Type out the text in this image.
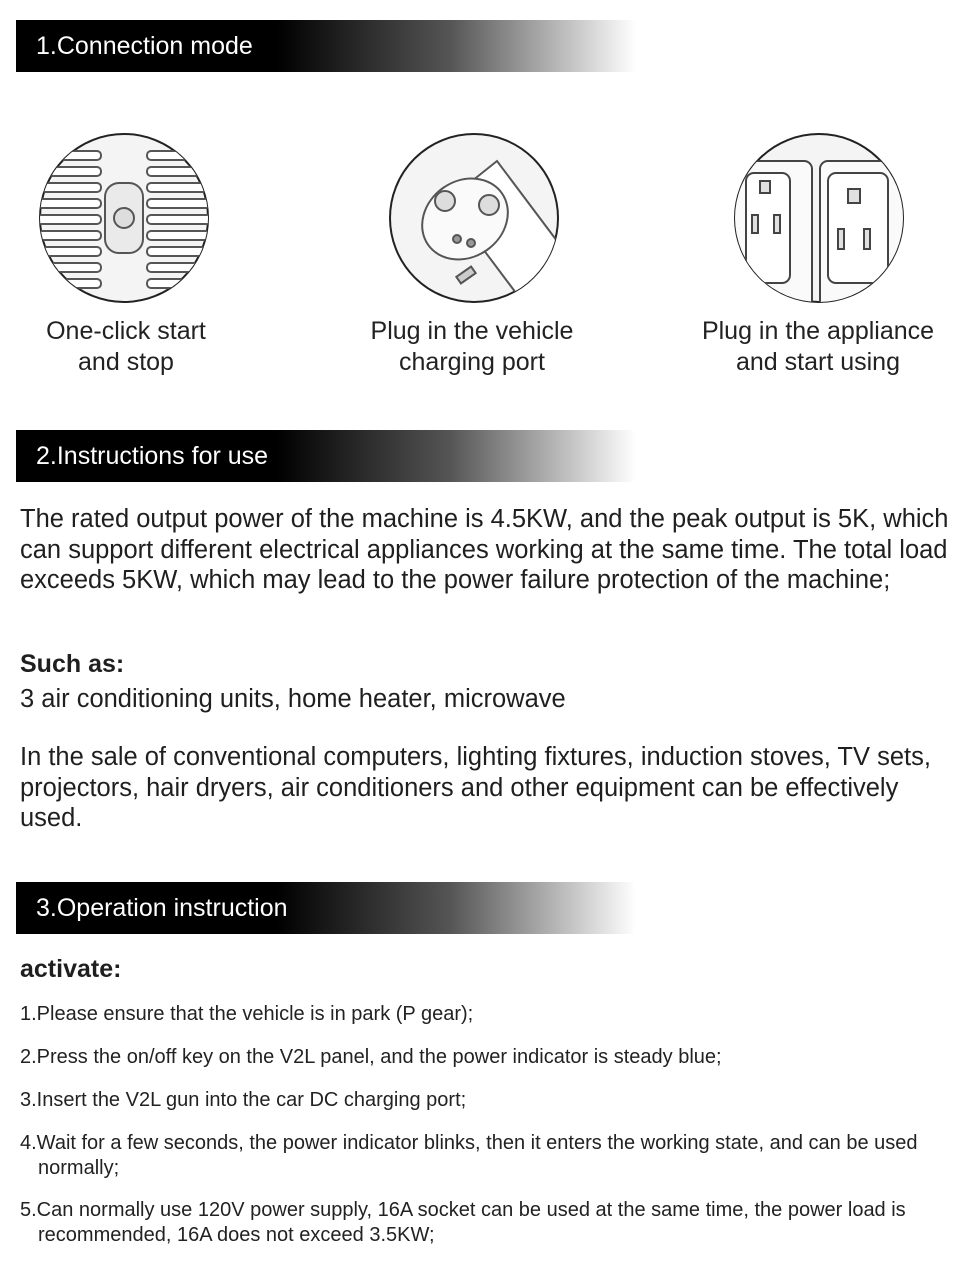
1.Connection mode
One-click start
and stop
Plug in the vehicle
charging port
Plug in the appliance
and start using
2.Instructions for use

The rated output power of the machine is 4.5KW, and the peak output is 5K, which can support different electrical appliances working at the same time. The total load exceeds 5KW, which may lead to the power failure protection of the machine;

Such as:

3 air conditioning units, home heater, microwave

In the sale of conventional computers, lighting fixtures, induction stoves, TV sets, projectors, hair dryers, air conditioners and other equipment can be effectively used.

3.Operation instruction
activate:
1.Please ensure that the vehicle is in park (P gear);
2.Press the on/off key on the V2L panel, and the power indicator is steady blue;
3.Insert the V2L gun into the car DC charging port;
4.Wait for a few seconds, the power indicator blinks, then it enters the working state, and can be used normally;
5.Can normally use 120V power supply, 16A socket can be used at the same time, the power load is recommended, 16A does not exceed 3.5KW;
